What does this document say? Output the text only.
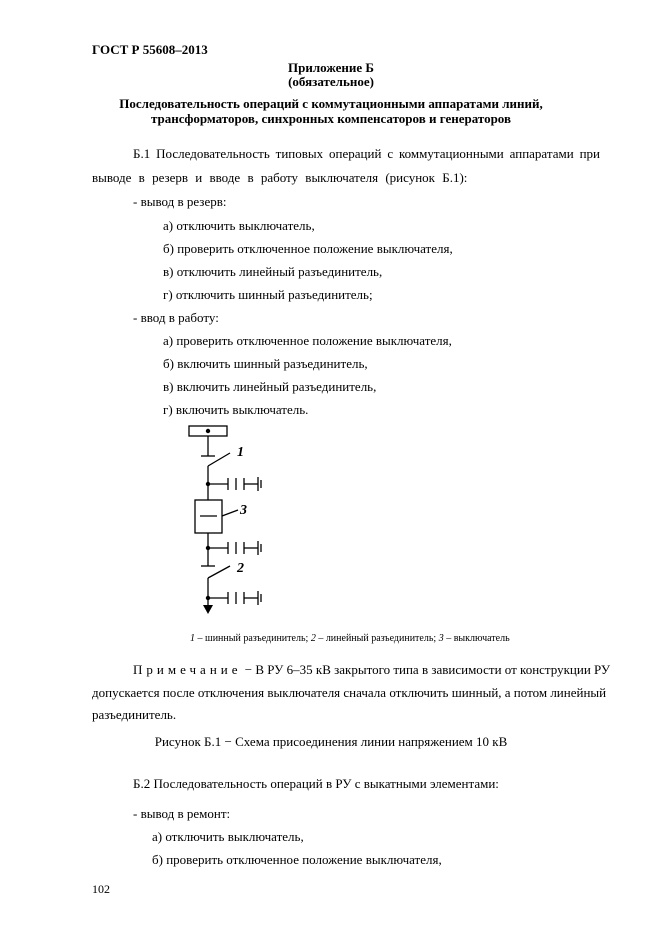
ГОСТ Р 55608–2013
Приложение Б
(обязательное)
Последовательность операций с коммутационными аппаратами линий,
трансформаторов, синхронных компенсаторов и генераторов
Б.1 Последовательность типовых операций с коммутационными аппаратами при
выводе в резерв и вводе в работу выключателя (рисунок Б.1):
- вывод в резерв:
а) отключить выключатель,
б) проверить отключенное положение выключателя,
в) отключить линейный разъединитель,
г) отключить шинный разъединитель;
- ввод в работу:
а) проверить отключенное положение выключателя,
б) включить шинный разъединитель,
в) включить линейный разъединитель,
г) включить выключатель.
1
3
2
1 – шинный разъединитель; 2 – линейный разъединитель; 3 – выключатель
Примечание − В РУ 6–35 кВ закрытого типа в зависимости от конструкции РУ
допускается после отключения выключателя сначала отключить шинный, а потом линейный
разъединитель.
Рисунок Б.1 − Схема присоединения линии напряжением 10 кВ
Б.2 Последовательность операций в РУ с выкатными элементами:
- вывод в ремонт:
а) отключить выключатель,
б) проверить отключенное положение выключателя,
102
